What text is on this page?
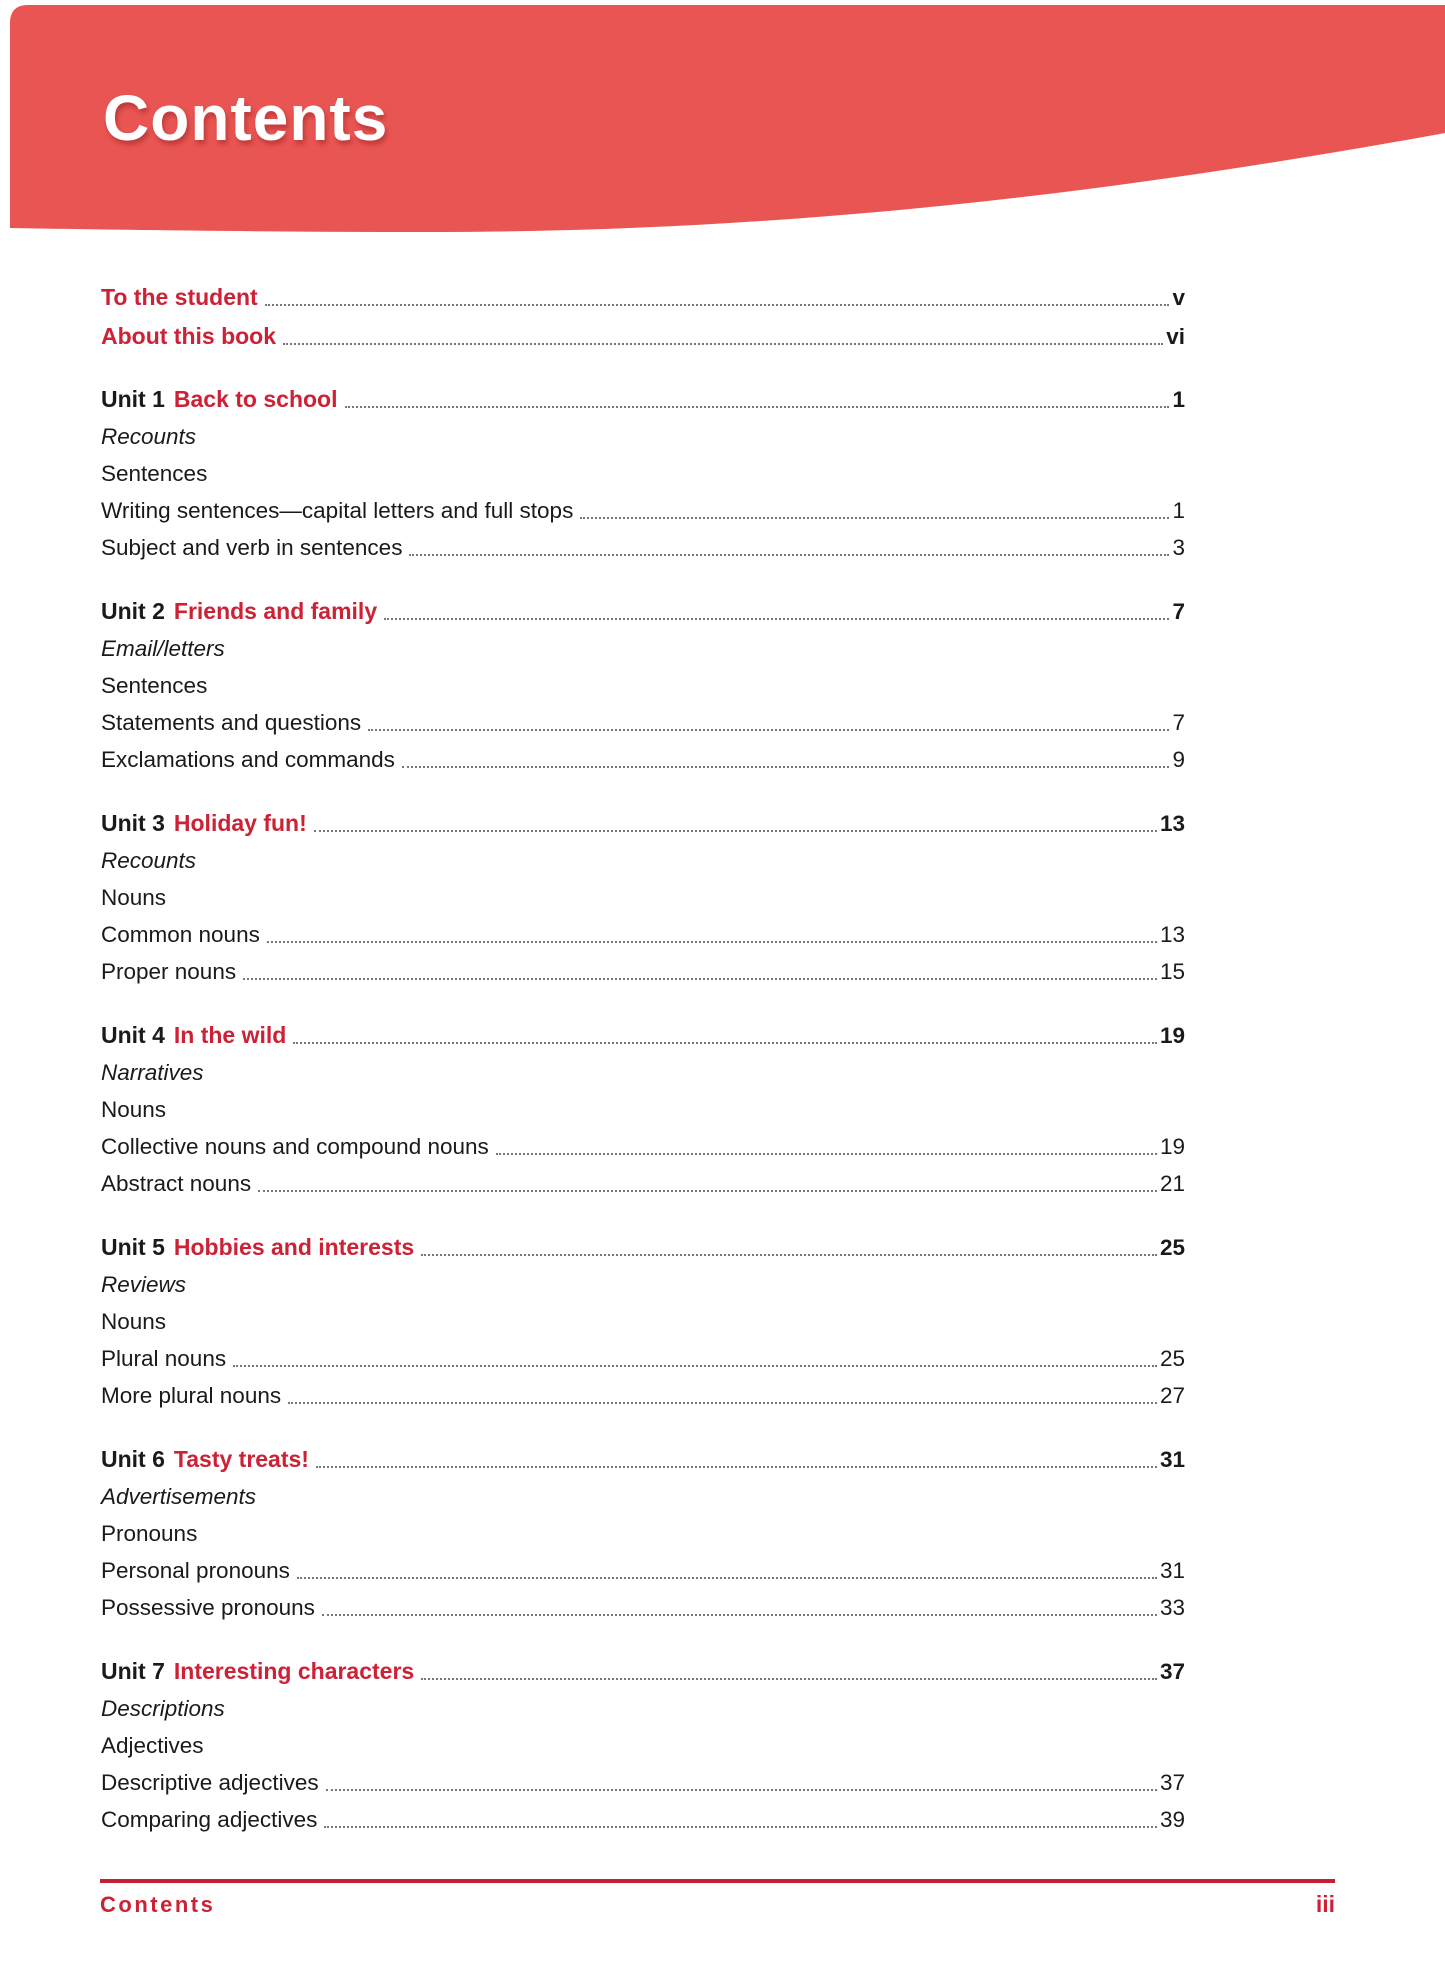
Contents
To the student	v
About this book	vi
Unit 1 Back to school	1
Recounts
Sentences
Writing sentences—capital letters and full stops	1
Subject and verb in sentences	3
Unit 2 Friends and family	7
Email/letters
Sentences
Statements and questions	7
Exclamations and commands	9
Unit 3 Holiday fun!	13
Recounts
Nouns
Common nouns	13
Proper nouns	15
Unit 4 In the wild	19
Narratives
Nouns
Collective nouns and compound nouns	19
Abstract nouns	21
Unit 5 Hobbies and interests	25
Reviews
Nouns
Plural nouns	25
More plural nouns	27
Unit 6 Tasty treats!	31
Advertisements
Pronouns
Personal pronouns	31
Possessive pronouns	33
Unit 7 Interesting characters	37
Descriptions
Adjectives
Descriptive adjectives	37
Comparing adjectives	39
Contents	iii
